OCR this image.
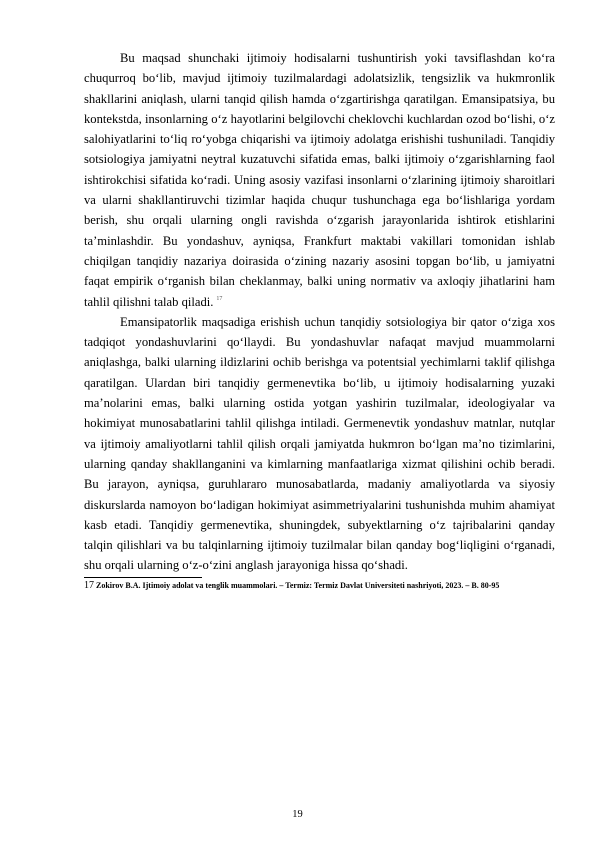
Bu maqsad shunchaki ijtimoiy hodisalarni tushuntirish yoki tavsiflashdan ko‘ra chuqurroq bo‘lib, mavjud ijtimoiy tuzilmalardagi adolatsizlik, tengsizlik va hukmronlik shakllarini aniqlash, ularni tanqid qilish hamda o‘zgartirishga qaratilgan. Emansipatsiya, bu kontekstda, insonlarning o‘z hayotlarini belgilovchi cheklovchi kuchlardan ozod bo‘lishi, o‘z salohiyatlarini to‘liq ro‘yobga chiqarishi va ijtimoiy adolatga erishishi tushuniladi. Tanqidiy sotsiologiya jamiyatni neytral kuzatuvchi sifatida emas, balki ijtimoiy o‘zgarishlarning faol ishtirokchisi sifatida ko‘radi. Uning asosiy vazifasi insonlarni o‘zlarining ijtimoiy sharoitlari va ularni shakllantiruvchi tizimlar haqida chuqur tushunchaga ega bo‘lishlariga yordam berish, shu orqali ularning ongli ravishda o‘zgarish jarayonlarida ishtirok etishlarini ta’minlashdir. Bu yondashuv, ayniqsa, Frankfurt maktabi vakillari tomonidan ishlab chiqilgan tanqidiy nazariya doirasida o‘zining nazariy asosini topgan bo‘lib, u jamiyatni faqat empirik o‘rganish bilan cheklanmay, balki uning normativ va axloqiy jihatlarini ham tahlil qilishni talab qiladi. $^{17}$

Emansipatorlik maqsadiga erishish uchun tanqidiy sotsiologiya bir qator o‘ziga xos tadqiqot yondashuvlarini qo‘llaydi. Bu yondashuvlar nafaqat mavjud muammolarni aniqlashga, balki ularning ildizlarini ochib berishga va potentsial yechimlarni taklif qilishga qaratilgan. Ulardan biri tanqidiy germenevtika bo‘lib, u ijtimoiy hodisalarning yuzaki ma’nolarini emas, balki ularning ostida yotgan yashirin tuzilmalar, ideologiyalar va hokimiyat munosabatlarini tahlil qilishga intiladi. Germenevtik yondashuv matnlar, nutqlar va ijtimoiy amaliyotlarni tahlil qilish orqali jamiyatda hukmron bo‘lgan ma’no tizimlarini, ularning qanday shakllanganini va kimlarning manfaatlariga xizmat qilishini ochib beradi. Bu jarayon, ayniqsa, guruhlararo munosabatlarda, madaniy amaliyotlarda va siyosiy diskurslarda namoyon bo‘ladigan hokimiyat asimmetriyalarini tushunishda muhim ahamiyat kasb etadi. Tanqidiy germenevtika, shuningdek, subyektlarning o‘z tajribalarini qanday talqin qilishlari va bu talqinlarning ijtimoiy tuzilmalar bilan qanday bog‘liqligini o‘rganadi, shu orqali ularning o‘z-o‘zini anglash jarayoniga hissa qo‘shadi.

17 Zokirov B.A. Ijtimoiy adolat va tenglik muammolari. – Termiz: Termiz Davlat Universiteti nashriyoti, 2023. – B. 80-95

19
